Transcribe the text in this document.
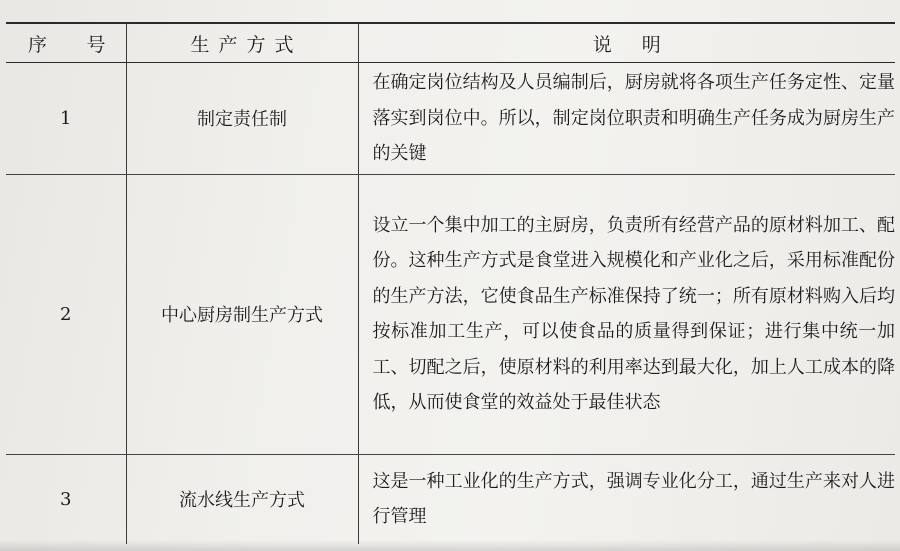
序 号	生产方式	说明

1	制定责任制	在确定岗位结构及人员编制后，厨房就将各项生产任务定性、定量落实到岗位中。所以，制定岗位职责和明确生产任务成为厨房生产的关键
2	中心厨房制生产方式	设立一个集中加工的主厨房，负责所有经营产品的原材料加工、配份。这种生产方式是食堂进入规模化和产业化之后，采用标准配份的生产方法，它使食品生产标准保持了统一；所有原材料购入后均按标准加工生产，可以使食品的质量得到保证；进行集中统一加工、切配之后，使原材料的利用率达到最大化，加上人工成本的降低，从而使食堂的效益处于最佳状态
3	流水线生产方式	这是一种工业化的生产方式，强调专业化分工，通过生产来对人进行管理
